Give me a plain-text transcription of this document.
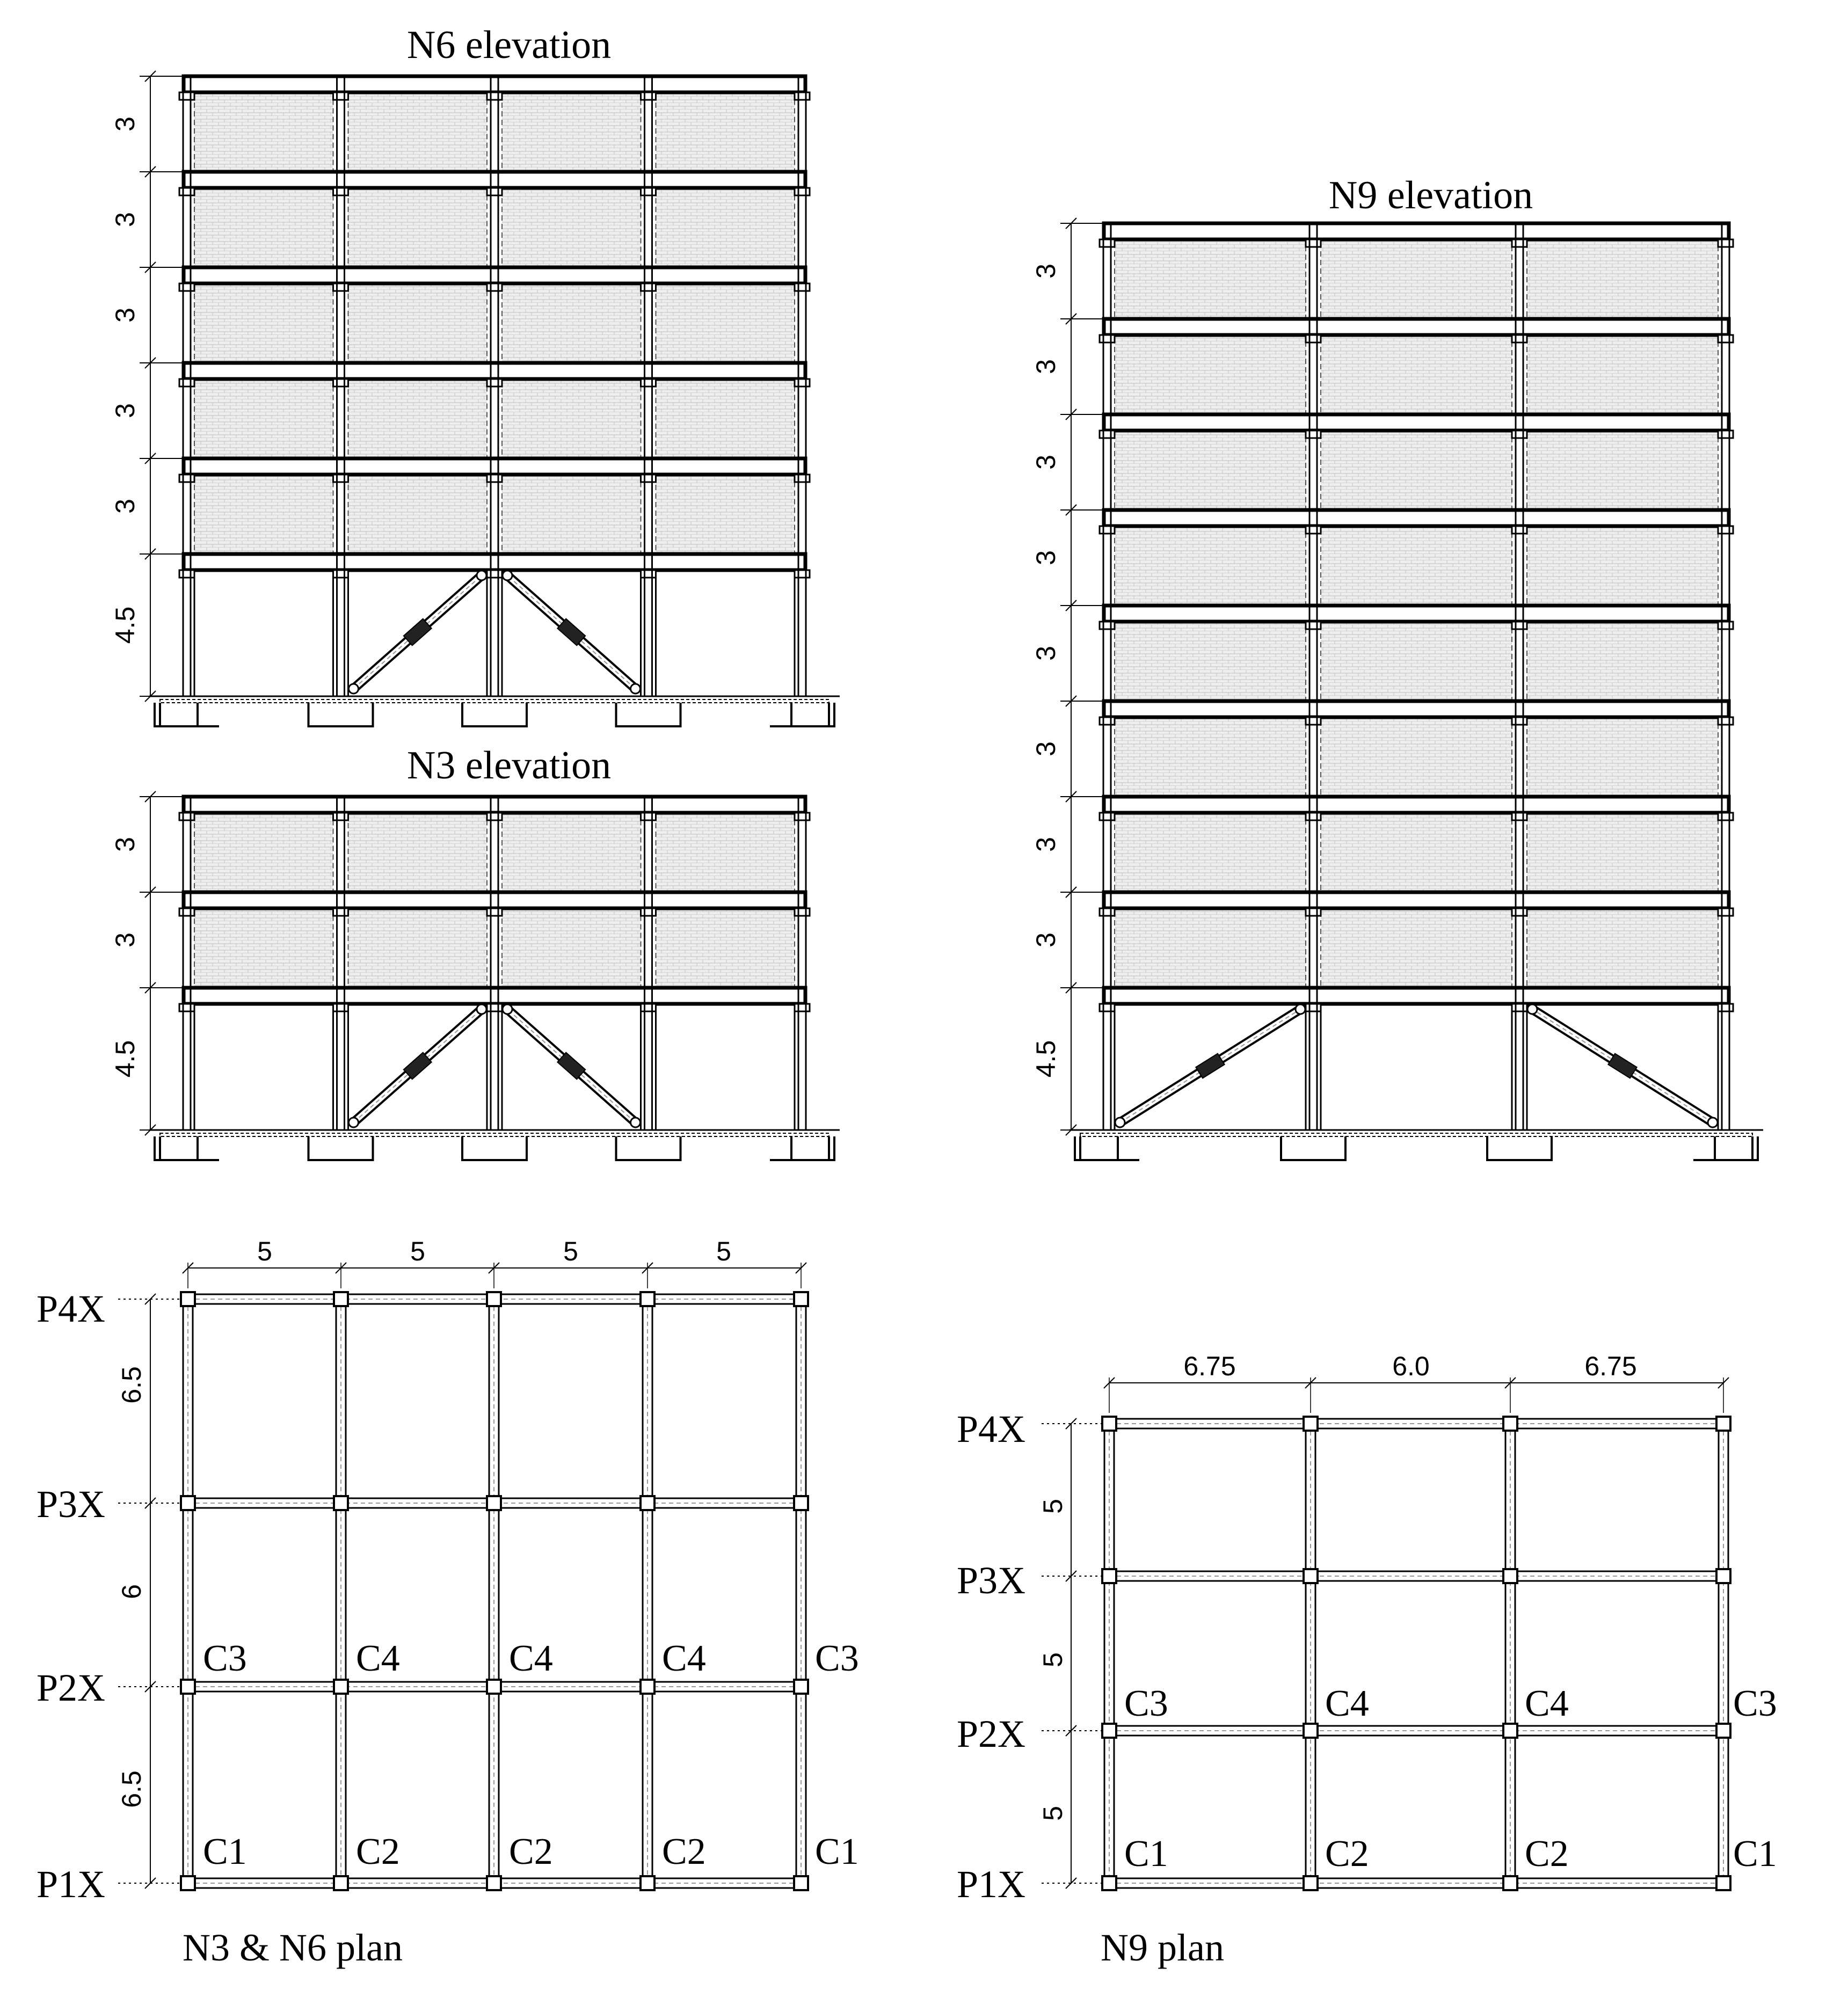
N6 elevation
3
3
3
3
3
4.5
N3 elevation
3
3
4.5
N9 elevation
3
3
3
3
3
3
3
3
4.5
5	5	5	5
6.5
6
6.5
P4X
P3X
P2X
P1X
C3	C4	C4	C4	C3
C1	C2	C2	C2	C1
N3 & N6 plan
6.75	6.0	6.75
5
5
5
P4X
P3X
P2X
P1X
C3	C4	C4	C3
C1	C2	C2	C1
N9 plan
